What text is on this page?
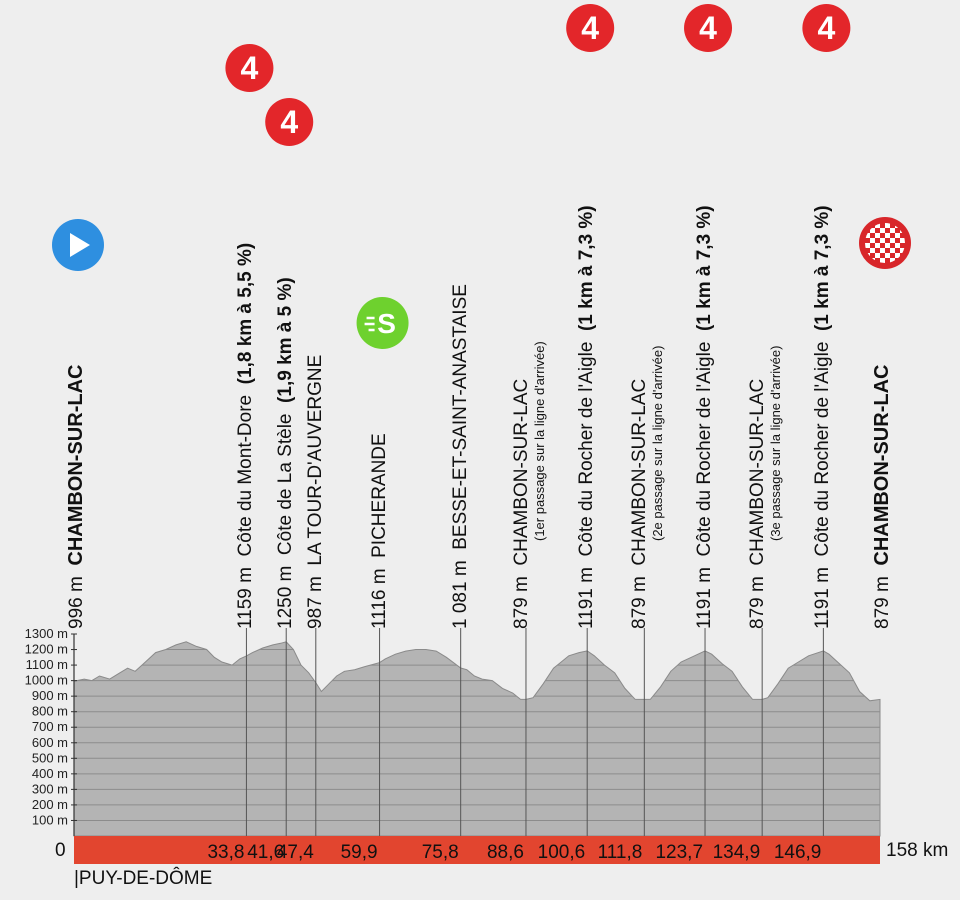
100 m
200 m
300 m
400 m
500 m
600 m
700 m
800 m
900 m
1000 m
1100 m
1200 m
1300 m
33,8 41,6
47,4 59,9 75,8 88,6 100,6 111,8 123,7 134,9 146,9
0	158 km
4
4
S
4	4	4
996 m  CHAMBON-SUR-LAC
1159 m  Côte du Mont-Dore  (1,8 km à 5,5 %)
1250 m  Côte de La Stèle  (1,9 km à 5 %)
987 m  LA TOUR-D'AUVERGNE
1116 m  PICHERANDE
1 081 m  BESSE-ET-SAINT-ANASTAISE
879 m  CHAMBON-SUR-LAC (1er passage sur la ligne d'arrivée)
1191 m  Côte du Rocher de l'Aigle  (1 km à 7,3 %)
879 m  CHAMBON-SUR-LAC (2e passage sur la ligne d'arrivée)
1191 m  Côte du Rocher de l'Aigle  (1 km à 7,3 %)
879 m  CHAMBON-SUR-LAC (3e passage sur la ligne d'arrivée)
1191 m  Côte du Rocher de l'Aigle  (1 km à 7,3 %)
879 m  CHAMBON-SUR-LAC
|PUY-DE-DÔME
